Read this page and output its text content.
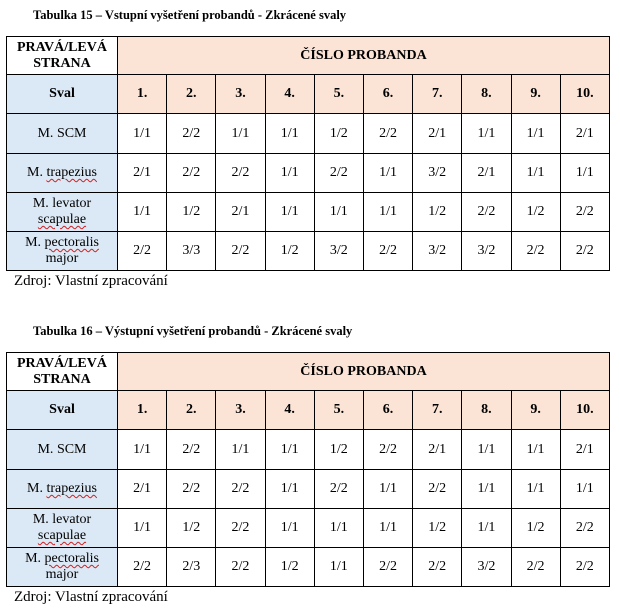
Tabulka 15 – Vstupní vyšetření probandů - Zkrácené svaly
PRAVÁ/LEVÁ STRANA	ČÍSLO PROBANDA									
Sval	1.	2.	3.	4.	5.	6.	7.	8.	9.	10.
M. SCM	1/1	2/2	1/1	1/1	1/2	2/2	2/1	1/1	1/1	2/1
M. trapezius	2/1	2/2	2/2	1/1	2/2	1/1	3/2	2/1	1/1	1/1
M. levator scapulae	1/1	1/2	2/1	1/1	1/1	1/1	1/2	2/2	1/2	2/2
M. pectoralis major	2/2	3/3	2/2	1/2	3/2	2/2	3/2	3/2	2/2	2/2
Zdroj: Vlastní zpracování
Tabulka 16 – Výstupní vyšetření probandů - Zkrácené svaly
PRAVÁ/LEVÁ STRANA	ČÍSLO PROBANDA									
Sval	1.	2.	3.	4.	5.	6.	7.	8.	9.	10.
M. SCM	1/1	2/2	1/1	1/1	1/2	2/2	2/1	1/1	1/1	2/1
M. trapezius	2/1	2/2	2/2	1/1	2/2	1/1	2/2	1/1	1/1	1/1
M. levator scapulae	1/1	1/2	2/2	1/1	1/1	1/1	1/2	1/1	1/2	2/2
M. pectoralis major	2/2	2/3	2/2	1/2	1/1	2/2	2/2	3/2	2/2	2/2
Zdroj: Vlastní zpracování
